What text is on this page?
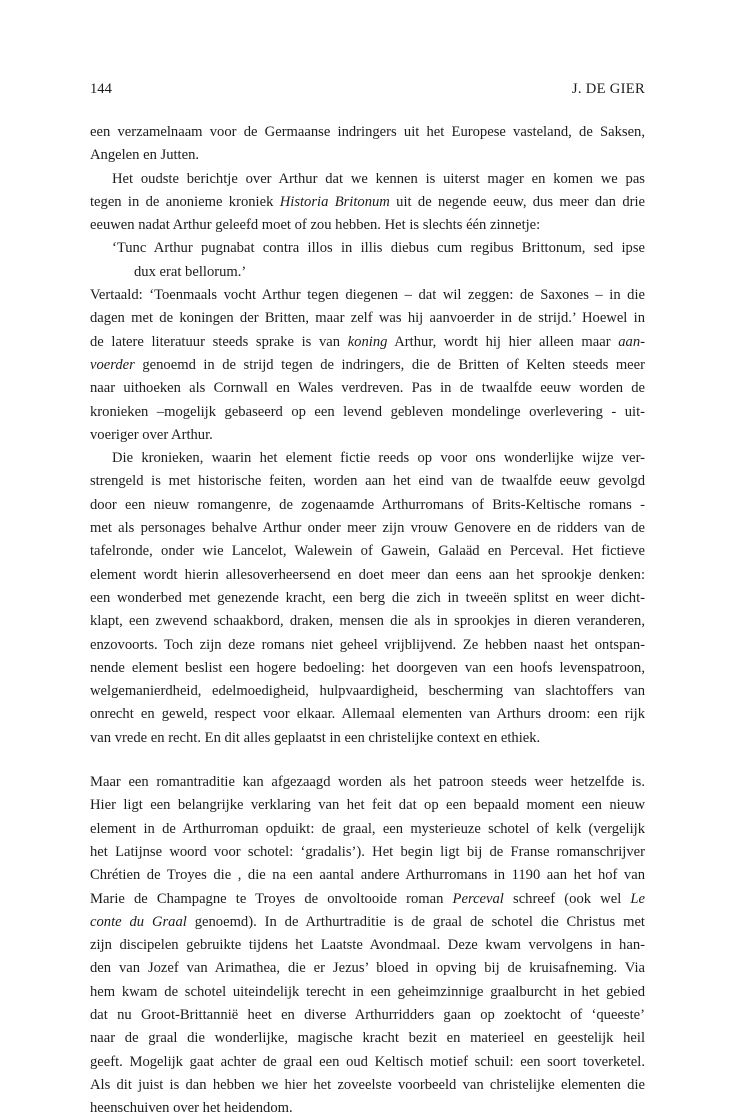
144	J. DE GIER
een verzamelnaam voor de Germaanse indringers uit het Europese vasteland, de Saksen,
Angelen en Jutten.
Het oudste berichtje over Arthur dat we kennen is uiterst mager en komen we pas
tegen in de anonieme kroniek Historia Britonum uit de negende eeuw, dus meer dan drie
eeuwen nadat Arthur geleefd moet of zou hebben. Het is slechts één zinnetje:
‘Tunc Arthur pugnabat contra illos in illis diebus cum regibus Brittonum, sed ipse
dux erat bellorum.’
Vertaald: ‘Toenmaals vocht Arthur tegen diegenen – dat wil zeggen: de Saxones – in die
dagen met de koningen der Britten, maar zelf was hij aanvoerder in de strijd.’ Hoewel in
de latere literatuur steeds sprake is van koning Arthur, wordt hij hier alleen maar aan-
voerder genoemd in de strijd tegen de indringers, die de Britten of Kelten steeds meer
naar uithoeken als Cornwall en Wales verdreven. Pas in de twaalfde eeuw worden de
kronieken –mogelijk gebaseerd op een levend gebleven mondelinge overlevering - uit-
voeriger over Arthur.
Die kronieken, waarin het element fictie reeds op voor ons wonderlijke wijze ver-
strengeld is met historische feiten, worden aan het eind van de twaalfde eeuw gevolgd
door een nieuw romangenre, de zogenaamde Arthurromans of Brits-Keltische romans -
met als personages behalve Arthur onder meer zijn vrouw Genovere en de ridders van de
tafelronde, onder wie Lancelot, Walewein of Gawein, Galaäd en Perceval. Het fictieve
element wordt hierin allesoverheersend en doet meer dan eens aan het sprookje denken:
een wonderbed met genezende kracht, een berg die zich in tweeën splitst en weer dicht-
klapt, een zwevend schaakbord, draken, mensen die als in sprookjes in dieren veranderen,
enzovoorts. Toch zijn deze romans niet geheel vrijblijvend. Ze hebben naast het ontspan-
nende element beslist een hogere bedoeling: het doorgeven van een hoofs levenspatroon,
welgemanierdheid, edelmoedigheid, hulpvaardigheid, bescherming van slachtoffers van
onrecht en geweld, respect voor elkaar. Allemaal elementen van Arthurs droom: een rijk
van vrede en recht. En dit alles geplaatst in een christelijke context en ethiek.
Maar een romantraditie kan afgezaagd worden als het patroon steeds weer hetzelfde is.
Hier ligt een belangrijke verklaring van het feit dat op een bepaald moment een nieuw
element in de Arthurroman opduikt: de graal, een mysterieuze schotel of kelk (vergelijk
het Latijnse woord voor schotel: ‘gradalis’). Het begin ligt bij de Franse romanschrijver
Chrétien de Troyes die , die na een aantal andere Arthurromans in 1190 aan het hof van
Marie de Champagne te Troyes de onvoltooide roman Perceval schreef (ook wel Le
conte du Graal genoemd). In de Arthurtraditie is de graal de schotel die Christus met
zijn discipelen gebruikte tijdens het Laatste Avondmaal. Deze kwam vervolgens in han-
den van Jozef van Arimathea, die er Jezus’ bloed in opving bij de kruisafneming. Via
hem kwam de schotel uiteindelijk terecht in een geheimzinnige graalburcht in het gebied
dat nu Groot-Brittannië heet en diverse Arthurridders gaan op zoektocht of ‘queeste’
naar de graal die wonderlijke, magische kracht bezit en materieel en geestelijk heil
geeft. Mogelijk gaat achter de graal een oud Keltisch motief schuil: een soort toverketel.
Als dit juist is dan hebben we hier het zoveelste voorbeeld van christelijke elementen die
heenschuiven over het heidendom.
